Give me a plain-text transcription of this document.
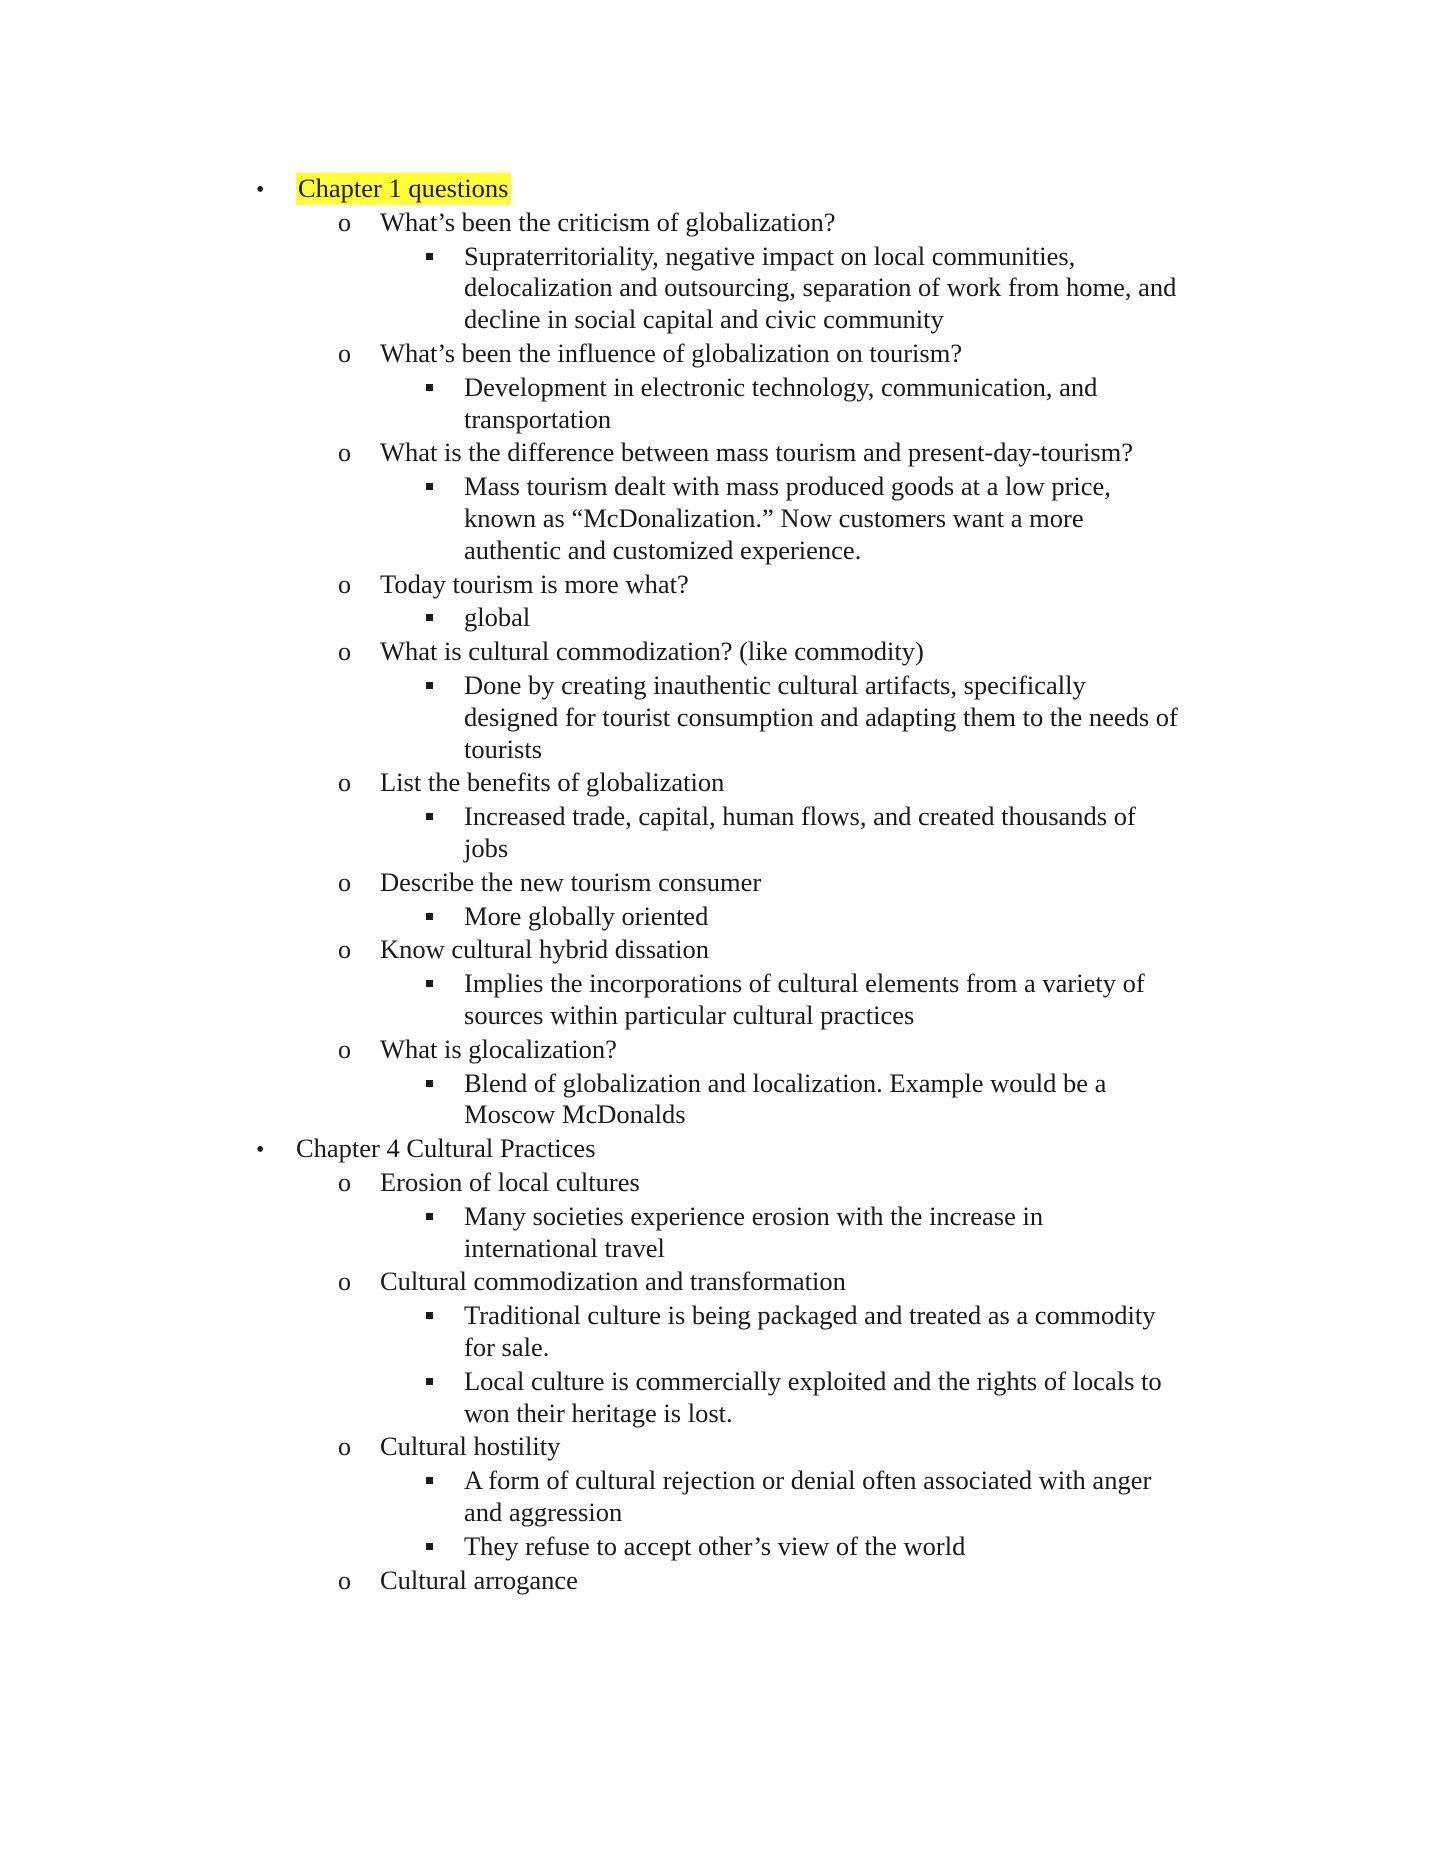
• Chapter 1 questions
o What’s been the criticism of globalization?
Supraterritoriality, negative impact on local communities,
delocalization and outsourcing, separation of work from home, and
decline in social capital and civic community
o What’s been the influence of globalization on tourism?
Development in electronic technology, communication, and
transportation
o What is the difference between mass tourism and present-day-tourism?
Mass tourism dealt with mass produced goods at a low price,
known as “McDonalization.” Now customers want a more
authentic and customized experience.
o Today tourism is more what?
global
o What is cultural commodization? (like commodity)
Done by creating inauthentic cultural artifacts, specifically
designed for tourist consumption and adapting them to the needs of
tourists
o List the benefits of globalization
Increased trade, capital, human flows, and created thousands of
jobs
o Describe the new tourism consumer
More globally oriented
o Know cultural hybrid dissation
Implies the incorporations of cultural elements from a variety of
sources within particular cultural practices
o What is glocalization?
Blend of globalization and localization. Example would be a
Moscow McDonalds
• Chapter 4 Cultural Practices
o Erosion of local cultures
Many societies experience erosion with the increase in
international travel
o Cultural commodization and transformation
Traditional culture is being packaged and treated as a commodity
for sale.
Local culture is commercially exploited and the rights of locals to
won their heritage is lost.
o Cultural hostility
A form of cultural rejection or denial often associated with anger
and aggression
They refuse to accept other’s view of the world
o Cultural arrogance
